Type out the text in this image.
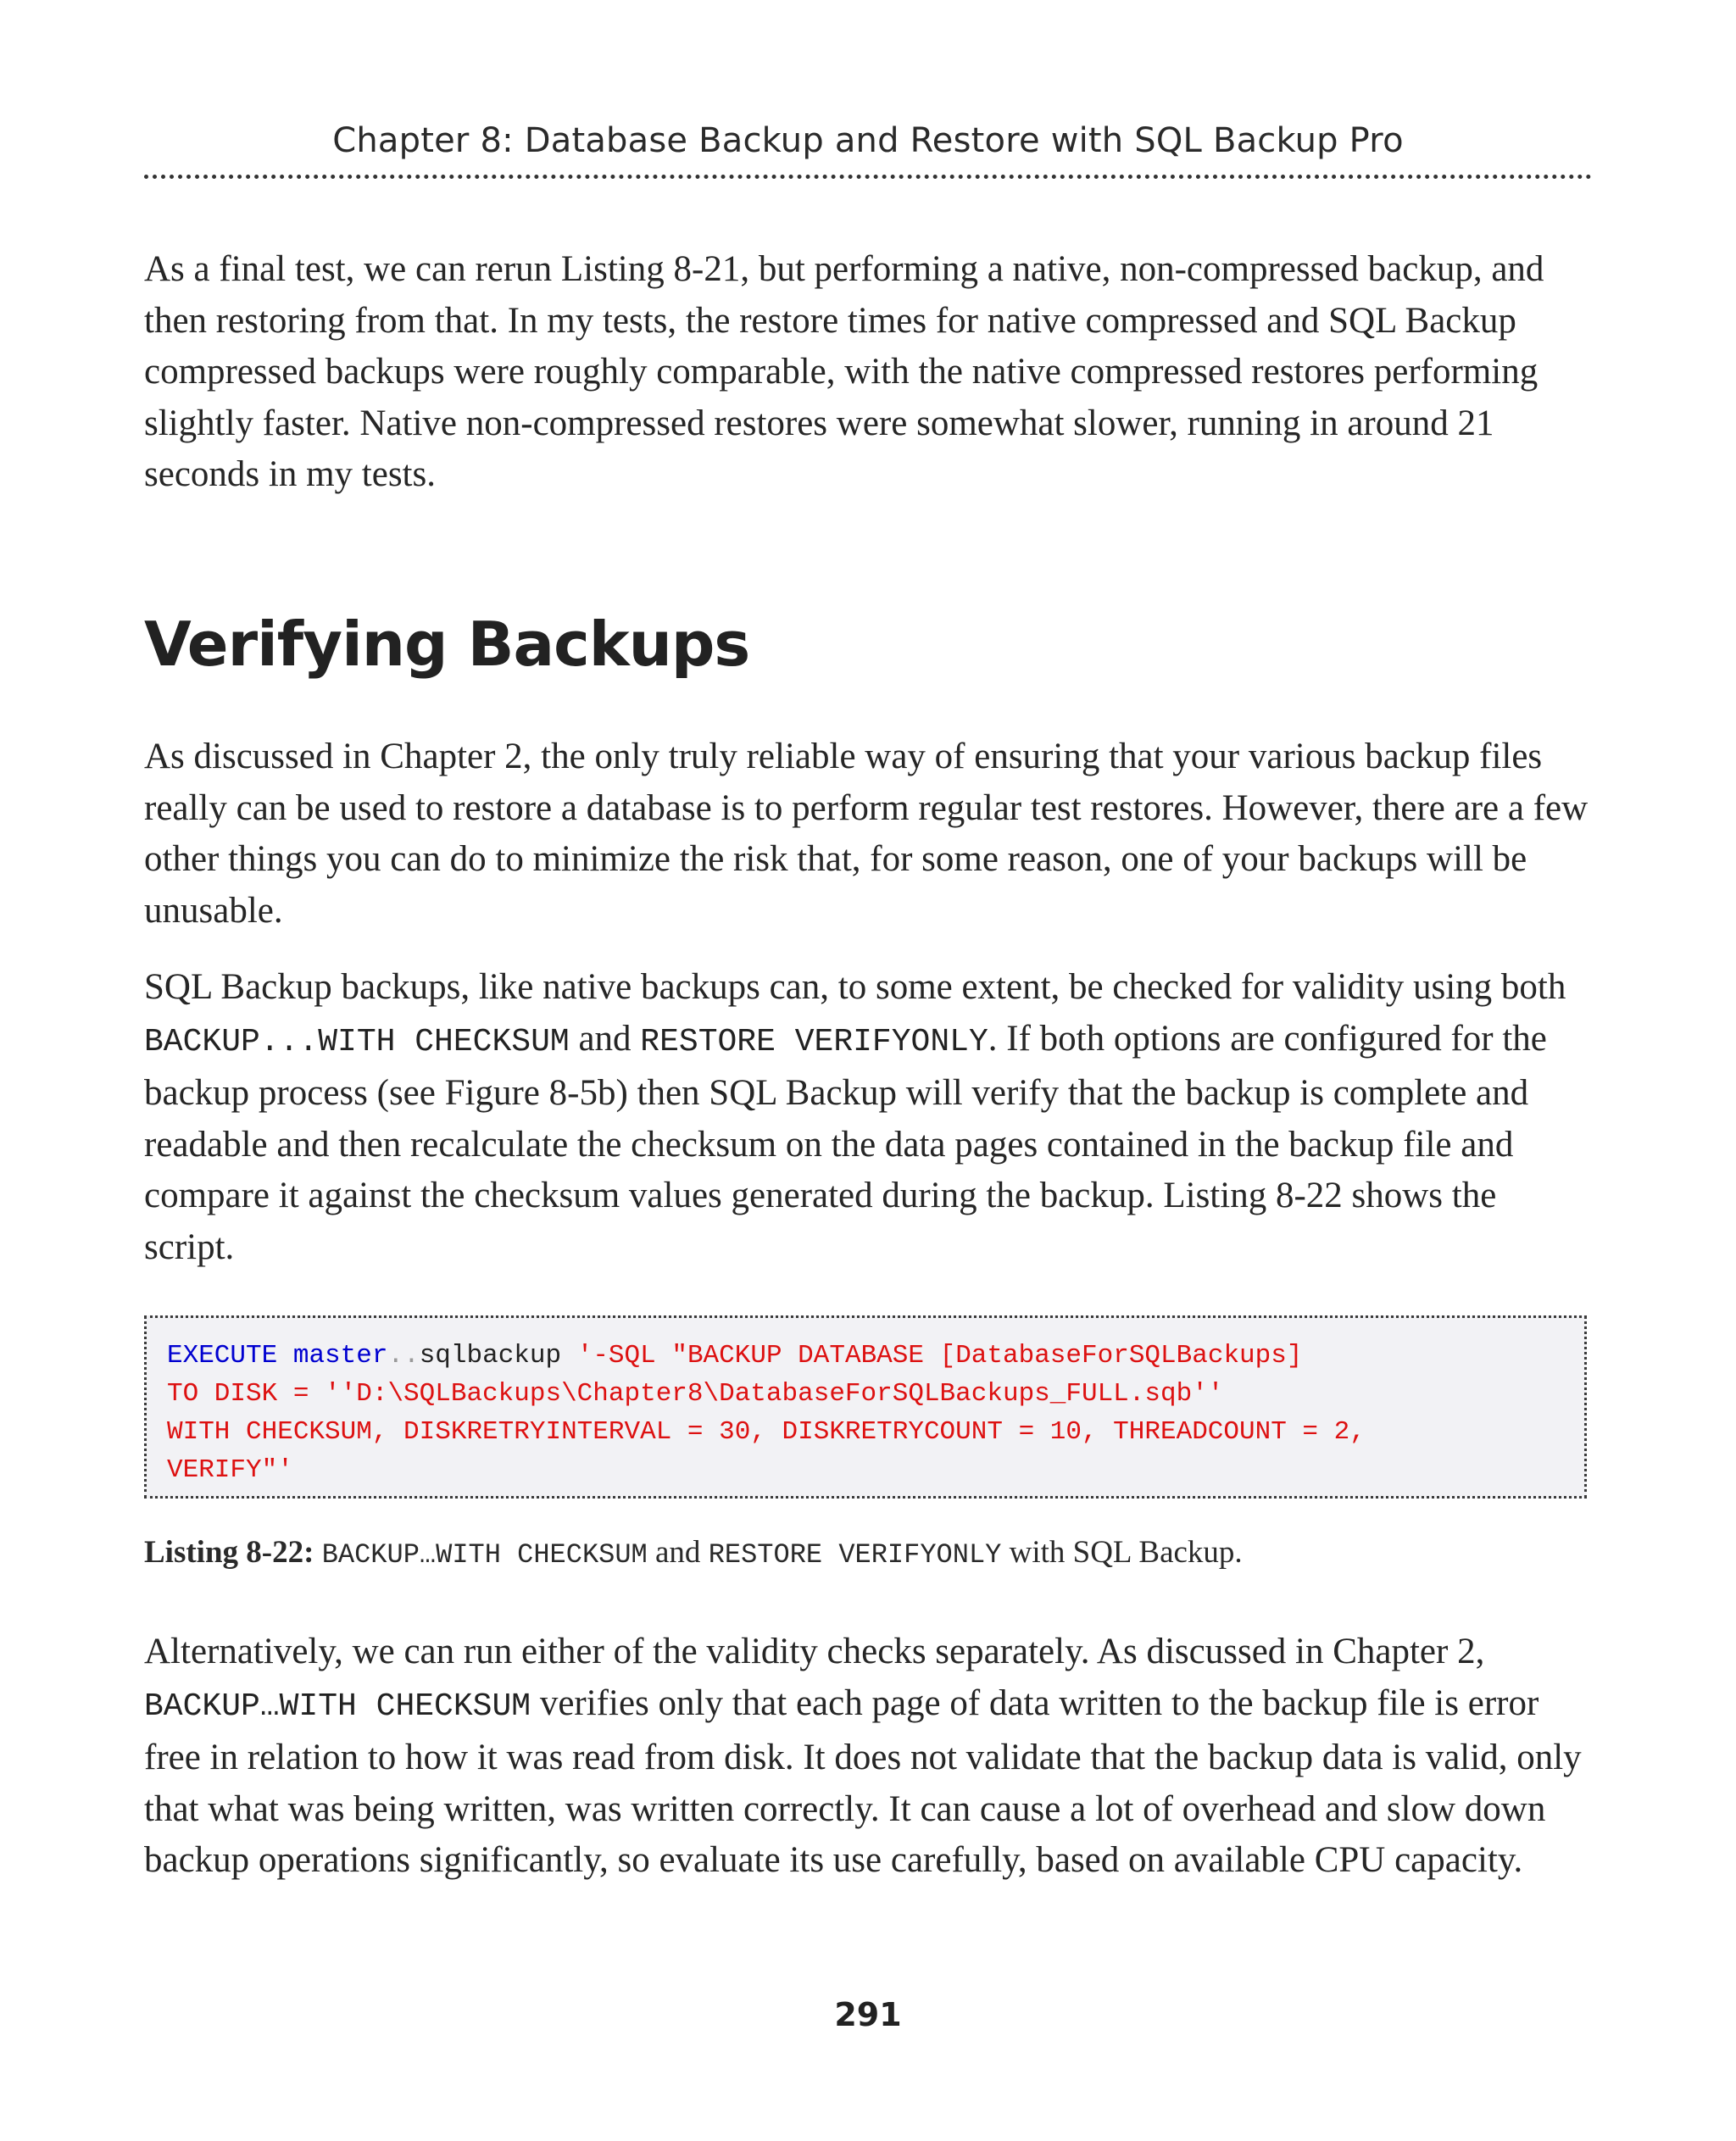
Chapter 8: Database Backup and Restore with SQL Backup Pro

As a final test, we can rerun Listing 8-21, but performing a native, non-compressed backup, and then restoring from that. In my tests, the restore times for native compressed and SQL Backup compressed backups were roughly comparable, with the native compressed restores performing slightly faster. Native non-compressed restores were somewhat slower, running in around 21 seconds in my tests.

Verifying Backups

As discussed in Chapter 2, the only truly reliable way of ensuring that your various backup files really can be used to restore a database is to perform regular test restores. However, there are a few other things you can do to minimize the risk that, for some reason, one of your backups will be unusable.

SQL Backup backups, like native backups can, to some extent, be checked for validity using both BACKUP...WITH CHECKSUM and RESTORE VERIFYONLY. If both options are configured for the backup process (see Figure 8-5b) then SQL Backup will verify that the backup is complete and readable and then recalculate the checksum on the data pages contained in the backup file and compare it against the checksum values generated during the backup. Listing 8-22 shows the script.

EXECUTE master..sqlbackup '-SQL "BACKUP DATABASE [DatabaseForSQLBackups]
TO DISK = ''D:\SQLBackups\Chapter8\DatabaseForSQLBackups_FULL.sqb''
WITH CHECKSUM, DISKRETRYINTERVAL = 30, DISKRETRYCOUNT = 10, THREADCOUNT = 2,
VERIFY"'

Listing 8-22: BACKUP…WITH CHECKSUM and RESTORE VERIFYONLY with SQL Backup.

Alternatively, we can run either of the validity checks separately. As discussed in Chapter 2, BACKUP…WITH CHECKSUM verifies only that each page of data written to the backup file is error free in relation to how it was read from disk. It does not validate that the backup data is valid, only that what was being written, was written correctly. It can cause a lot of overhead and slow down backup operations significantly, so evaluate its use carefully, based on available CPU capacity.

291
